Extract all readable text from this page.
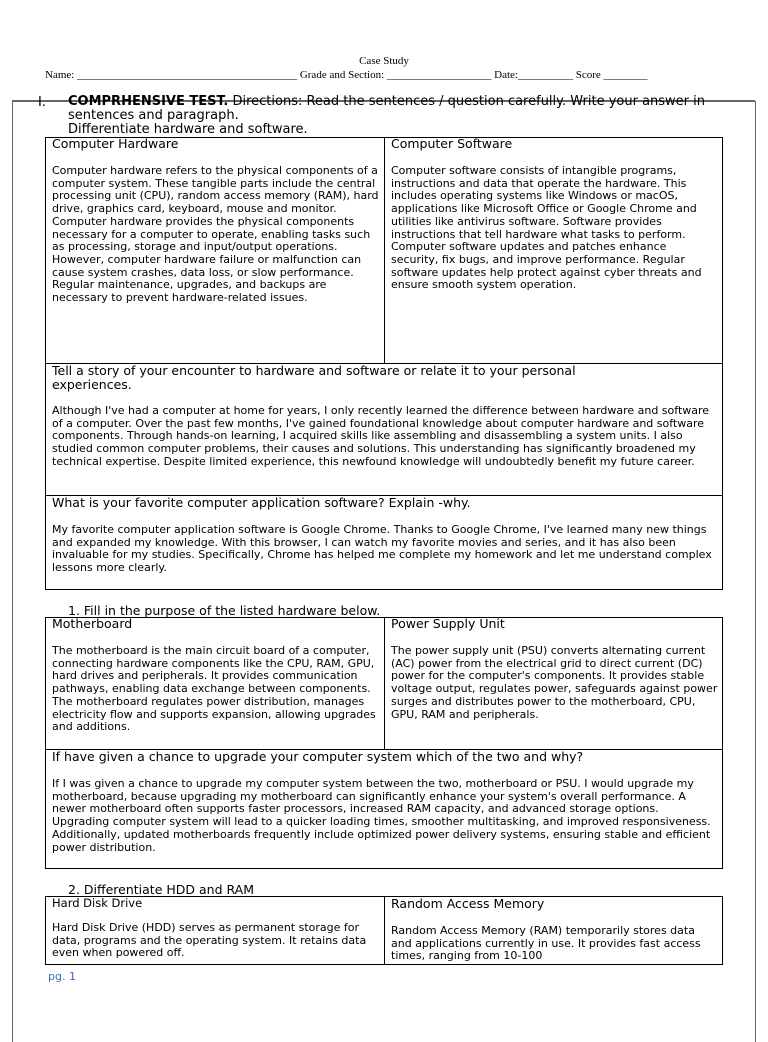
Case Study
Name: ________________________________________ Grade and Section: ___________________ Date:__________ Score ________
I. COMPRHENSIVE TEST. Directions: Read the sentences / question carefully. Write your answer in sentences and paragraph.
Differentiate hardware and software.
Computer Hardware
Computer hardware refers to the physical components of a computer system. These tangible parts include the central processing unit (CPU), random access memory (RAM), hard drive, graphics card, keyboard, mouse and monitor. Computer hardware provides the physical components necessary for a computer to operate, enabling tasks such as processing, storage and input/output operations. However, computer hardware failure or malfunction can cause system crashes, data loss, or slow performance. Regular maintenance, upgrades, and backups are necessary to prevent hardware-related issues.
Computer Software
Computer software consists of intangible programs, instructions and data that operate the hardware. This includes operating systems like Windows or macOS, applications like Microsoft Office or Google Chrome and utilities like antivirus software. Software provides instructions that tell hardware what tasks to perform. Computer software updates and patches enhance security, fix bugs, and improve performance. Regular software updates help protect against cyber threats and ensure smooth system operation.
Tell a story of your encounter to hardware and software or relate it to your personal experiences.
Although I've had a computer at home for years, I only recently learned the difference between hardware and software of a computer. Over the past few months, I've gained foundational knowledge about computer hardware and software components. Through hands-on learning, I acquired skills like assembling and disassembling a system units. I also studied common computer problems, their causes and solutions. This understanding has significantly broadened my technical expertise. Despite limited experience, this newfound knowledge will undoubtedly benefit my future career.
What is your favorite computer application software? Explain -why.
My favorite computer application software is Google Chrome. Thanks to Google Chrome, I've learned many new things and expanded my knowledge. With this browser, I can watch my favorite movies and series, and it has also been invaluable for my studies. Specifically, Chrome has helped me complete my homework and let me understand complex lessons more clearly.
1. Fill in the purpose of the listed hardware below.
Motherboard
The motherboard is the main circuit board of a computer, connecting hardware components like the CPU, RAM, GPU, hard drives and peripherals. It provides communication pathways, enabling data exchange between components. The motherboard regulates power distribution, manages electricity flow and supports expansion, allowing upgrades and additions.
Power Supply Unit
The power supply unit (PSU) converts alternating current (AC) power from the electrical grid to direct current (DC) power for the computer's components. It provides stable voltage output, regulates power, safeguards against power surges and distributes power to the motherboard, CPU, GPU, RAM and peripherals.
If have given a chance to upgrade your computer system which of the two and why?
If I was given a chance to upgrade my computer system between the two, motherboard or PSU. I would upgrade my motherboard, because upgrading my motherboard can significantly enhance your system's overall performance. A newer motherboard often supports faster processors, increased RAM capacity, and advanced storage options. Upgrading computer system will lead to a quicker loading times, smoother multitasking, and improved responsiveness. Additionally, updated motherboards frequently include optimized power delivery systems, ensuring stable and efficient power distribution.
2. Differentiate HDD and RAM
Hard Disk Drive
Hard Disk Drive (HDD) serves as permanent storage for data, programs and the operating system. It retains data even when powered off.
Random Access Memory
Random Access Memory (RAM) temporarily stores data and applications currently in use. It provides fast access times, ranging from 10-100
pg. 1
